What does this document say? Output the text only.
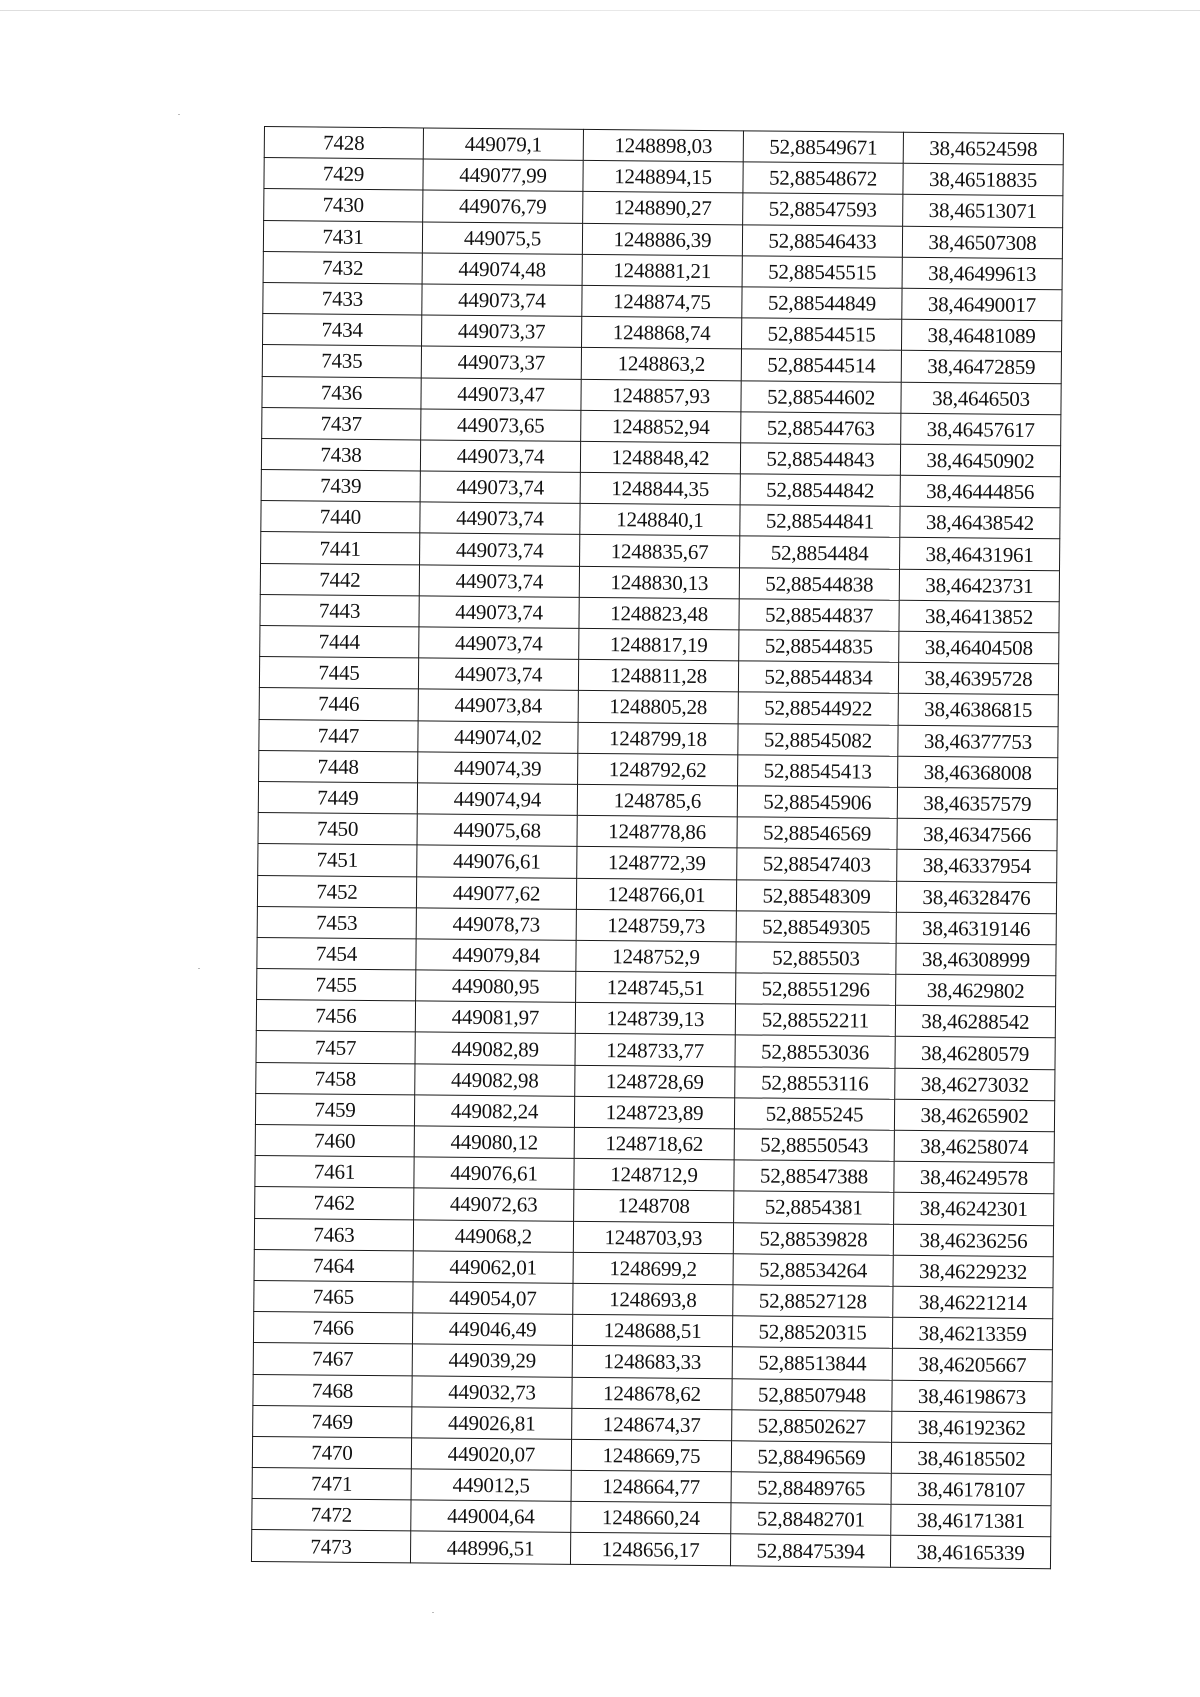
7428	449079,1	1248898,03	52,88549671	38,46524598
7429	449077,99	1248894,15	52,88548672	38,46518835
7430	449076,79	1248890,27	52,88547593	38,46513071
7431	449075,5	1248886,39	52,88546433	38,46507308
7432	449074,48	1248881,21	52,88545515	38,46499613
7433	449073,74	1248874,75	52,88544849	38,46490017
7434	449073,37	1248868,74	52,88544515	38,46481089
7435	449073,37	1248863,2	52,88544514	38,46472859
7436	449073,47	1248857,93	52,88544602	38,4646503
7437	449073,65	1248852,94	52,88544763	38,46457617
7438	449073,74	1248848,42	52,88544843	38,46450902
7439	449073,74	1248844,35	52,88544842	38,46444856
7440	449073,74	1248840,1	52,88544841	38,46438542
7441	449073,74	1248835,67	52,8854484	38,46431961
7442	449073,74	1248830,13	52,88544838	38,46423731
7443	449073,74	1248823,48	52,88544837	38,46413852
7444	449073,74	1248817,19	52,88544835	38,46404508
7445	449073,74	1248811,28	52,88544834	38,46395728
7446	449073,84	1248805,28	52,88544922	38,46386815
7447	449074,02	1248799,18	52,88545082	38,46377753
7448	449074,39	1248792,62	52,88545413	38,46368008
7449	449074,94	1248785,6	52,88545906	38,46357579
7450	449075,68	1248778,86	52,88546569	38,46347566
7451	449076,61	1248772,39	52,88547403	38,46337954
7452	449077,62	1248766,01	52,88548309	38,46328476
7453	449078,73	1248759,73	52,88549305	38,46319146
7454	449079,84	1248752,9	52,885503	38,46308999
7455	449080,95	1248745,51	52,88551296	38,4629802
7456	449081,97	1248739,13	52,88552211	38,46288542
7457	449082,89	1248733,77	52,88553036	38,46280579
7458	449082,98	1248728,69	52,88553116	38,46273032
7459	449082,24	1248723,89	52,8855245	38,46265902
7460	449080,12	1248718,62	52,88550543	38,46258074
7461	449076,61	1248712,9	52,88547388	38,46249578
7462	449072,63	1248708	52,8854381	38,46242301
7463	449068,2	1248703,93	52,88539828	38,46236256
7464	449062,01	1248699,2	52,88534264	38,46229232
7465	449054,07	1248693,8	52,88527128	38,46221214
7466	449046,49	1248688,51	52,88520315	38,46213359
7467	449039,29	1248683,33	52,88513844	38,46205667
7468	449032,73	1248678,62	52,88507948	38,46198673
7469	449026,81	1248674,37	52,88502627	38,46192362
7470	449020,07	1248669,75	52,88496569	38,46185502
7471	449012,5	1248664,77	52,88489765	38,46178107
7472	449004,64	1248660,24	52,88482701	38,46171381
7473	448996,51	1248656,17	52,88475394	38,46165339
